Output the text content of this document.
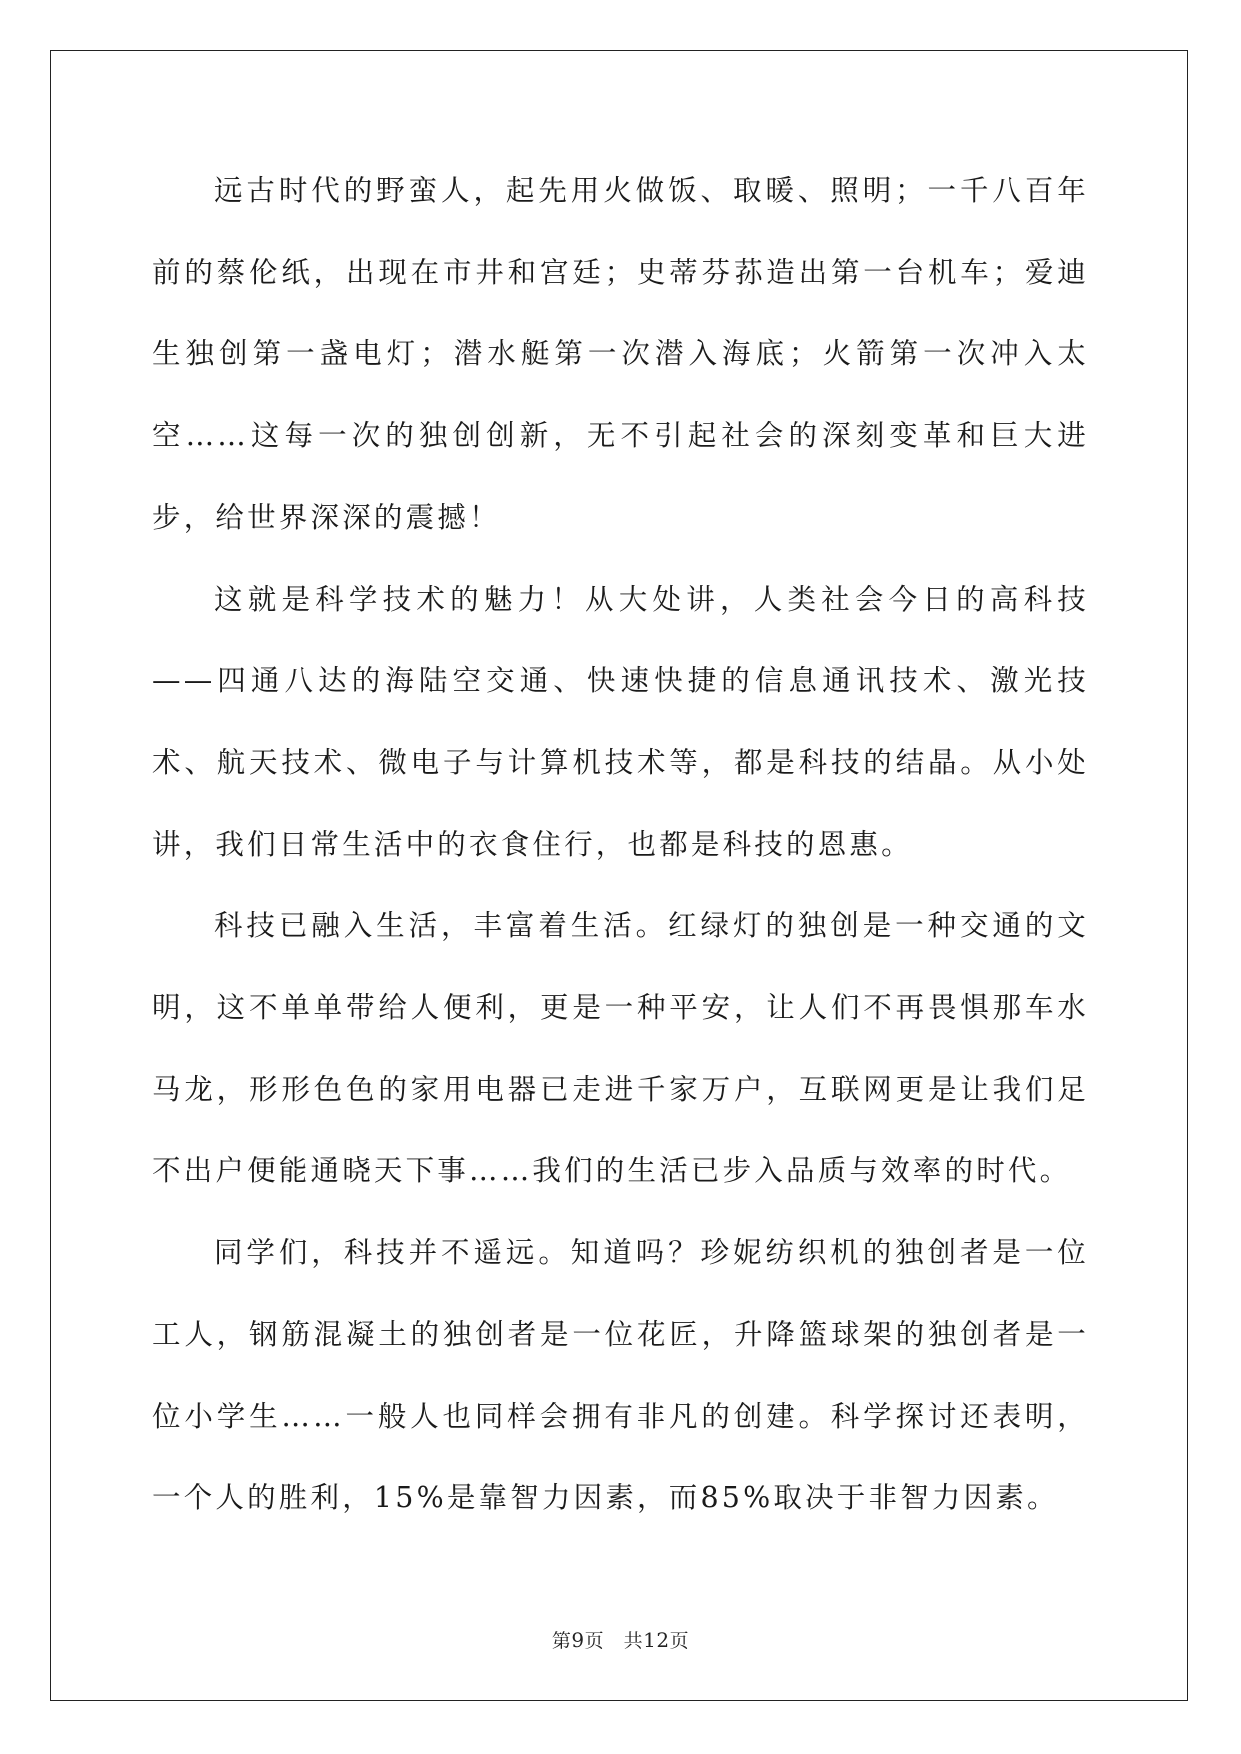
远古时代的野蛮人，起先用火做饭、取暖、照明；一千八百年前的蔡伦纸，出现在市井和宫廷；史蒂芬荪造出第一台机车；爱迪生独创第一盏电灯；潜水艇第一次潜入海底；火箭第一次冲入太空……这每一次的独创创新，无不引起社会的深刻变革和巨大进步，给世界深深的震撼！

这就是科学技术的魅力！从大处讲，人类社会今日的高科技——四通八达的海陆空交通、快速快捷的信息通讯技术、激光技术、航天技术、微电子与计算机技术等，都是科技的结晶。从小处讲，我们日常生活中的衣食住行，也都是科技的恩惠。

科技已融入生活，丰富着生活。红绿灯的独创是一种交通的文明，这不单单带给人便利，更是一种平安，让人们不再畏惧那车水马龙，形形色色的家用电器已走进千家万户，互联网更是让我们足不出户便能通晓天下事……我们的生活已步入品质与效率的时代。

同学们，科技并不遥远。知道吗？珍妮纺织机的独创者是一位工人，钢筋混凝土的独创者是一位花匠，升降篮球架的独创者是一位小学生……一般人也同样会拥有非凡的创建。科学探讨还表明，一个人的胜利，15%是靠智力因素，而85%取决于非智力因素。

第9页　共12页
